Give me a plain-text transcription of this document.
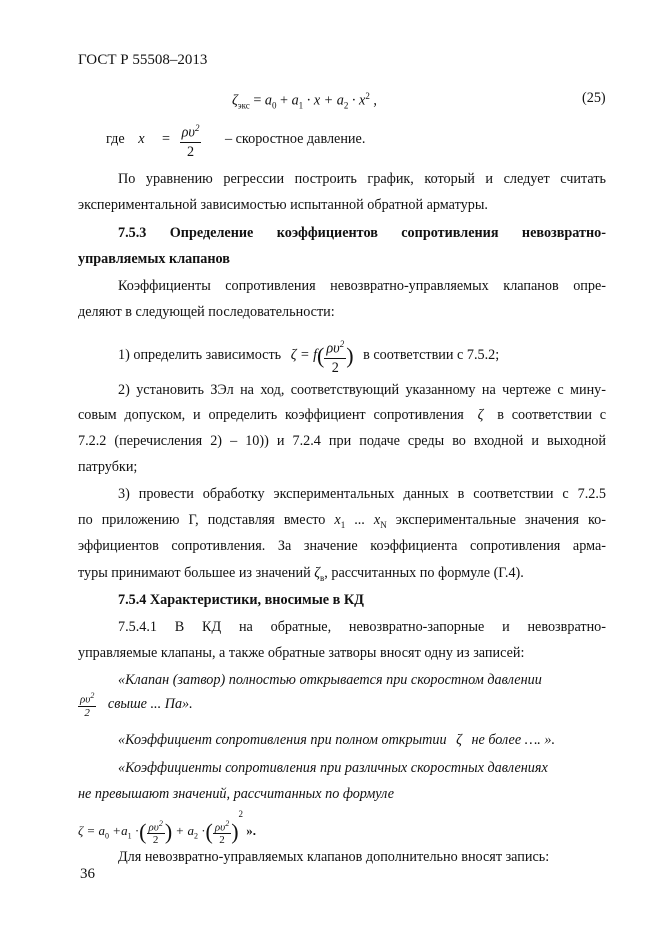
ГОСТ Р 55508–2013
$\zeta_{экс} = a_0 + a_1 \cdot x + a_2 \cdot x^2$ ,	(25)
где $x = \frac{\rho\upsilon^2}{2}$ – скоростное давление.
По уравнению регрессии построить график, который и следует считать
экспериментальной зависимостью испытанной обратной арматуры.
7.5.3 Определение коэффициентов сопротивления невозвратно-
управляемых клапанов
Коэффициенты сопротивления невозвратно-управляемых клапанов опре-
деляют в следующей последовательности:
1) определить зависимость $\zeta = f( \frac{\rho\upsilon^2}{2}$ ) в соответствии с 7.5.2;
2) установить ЗЭл на ход, соответствующий указанному на чертеже с мину-
совым допуском, и определить коэффициент сопротивления ζ в соответствии с
7.2.2 (перечисления 2) – 10)) и 7.2.4 при подаче среды во входной и выходной
патрубки;
3) провести обработку экспериментальных данных в соответствии с 7.2.5
по приложению Г, подставляя вместо $x_1$ ... $x_N$ экспериментальные значения ко-
эффициентов сопротивления. За значение коэффициента сопротивления арма-
туры принимают большее из значений $\zeta_в$, рассчитанных по формуле (Г.4).
7.5.4 Характеристики, вносимые в КД
7.5.4.1 В КД на обратные, невозвратно-запорные и невозвратно-
управляемые клапаны, а также обратные затворы вносят одну из записей:
«Клапан (затвор) полностью открывается при скоростном давлении
$\frac{\rho\upsilon^2}{2}$ свыше ... Па».
«Коэффициент сопротивления при полном открытии ζ не более …. ».
«Коэффициенты сопротивления при различных скоростных давлениях
не превышают значений, рассчитанных по формуле
$\zeta = a_0 +a_1$ ·( $\frac{\rho\upsilon^2}{2}$ ) + $a_2$ ·( $\frac{\rho\upsilon^2}{2} )^2$ ».
Для невозвратно-управляемых клапанов дополнительно вносят запись:
36
